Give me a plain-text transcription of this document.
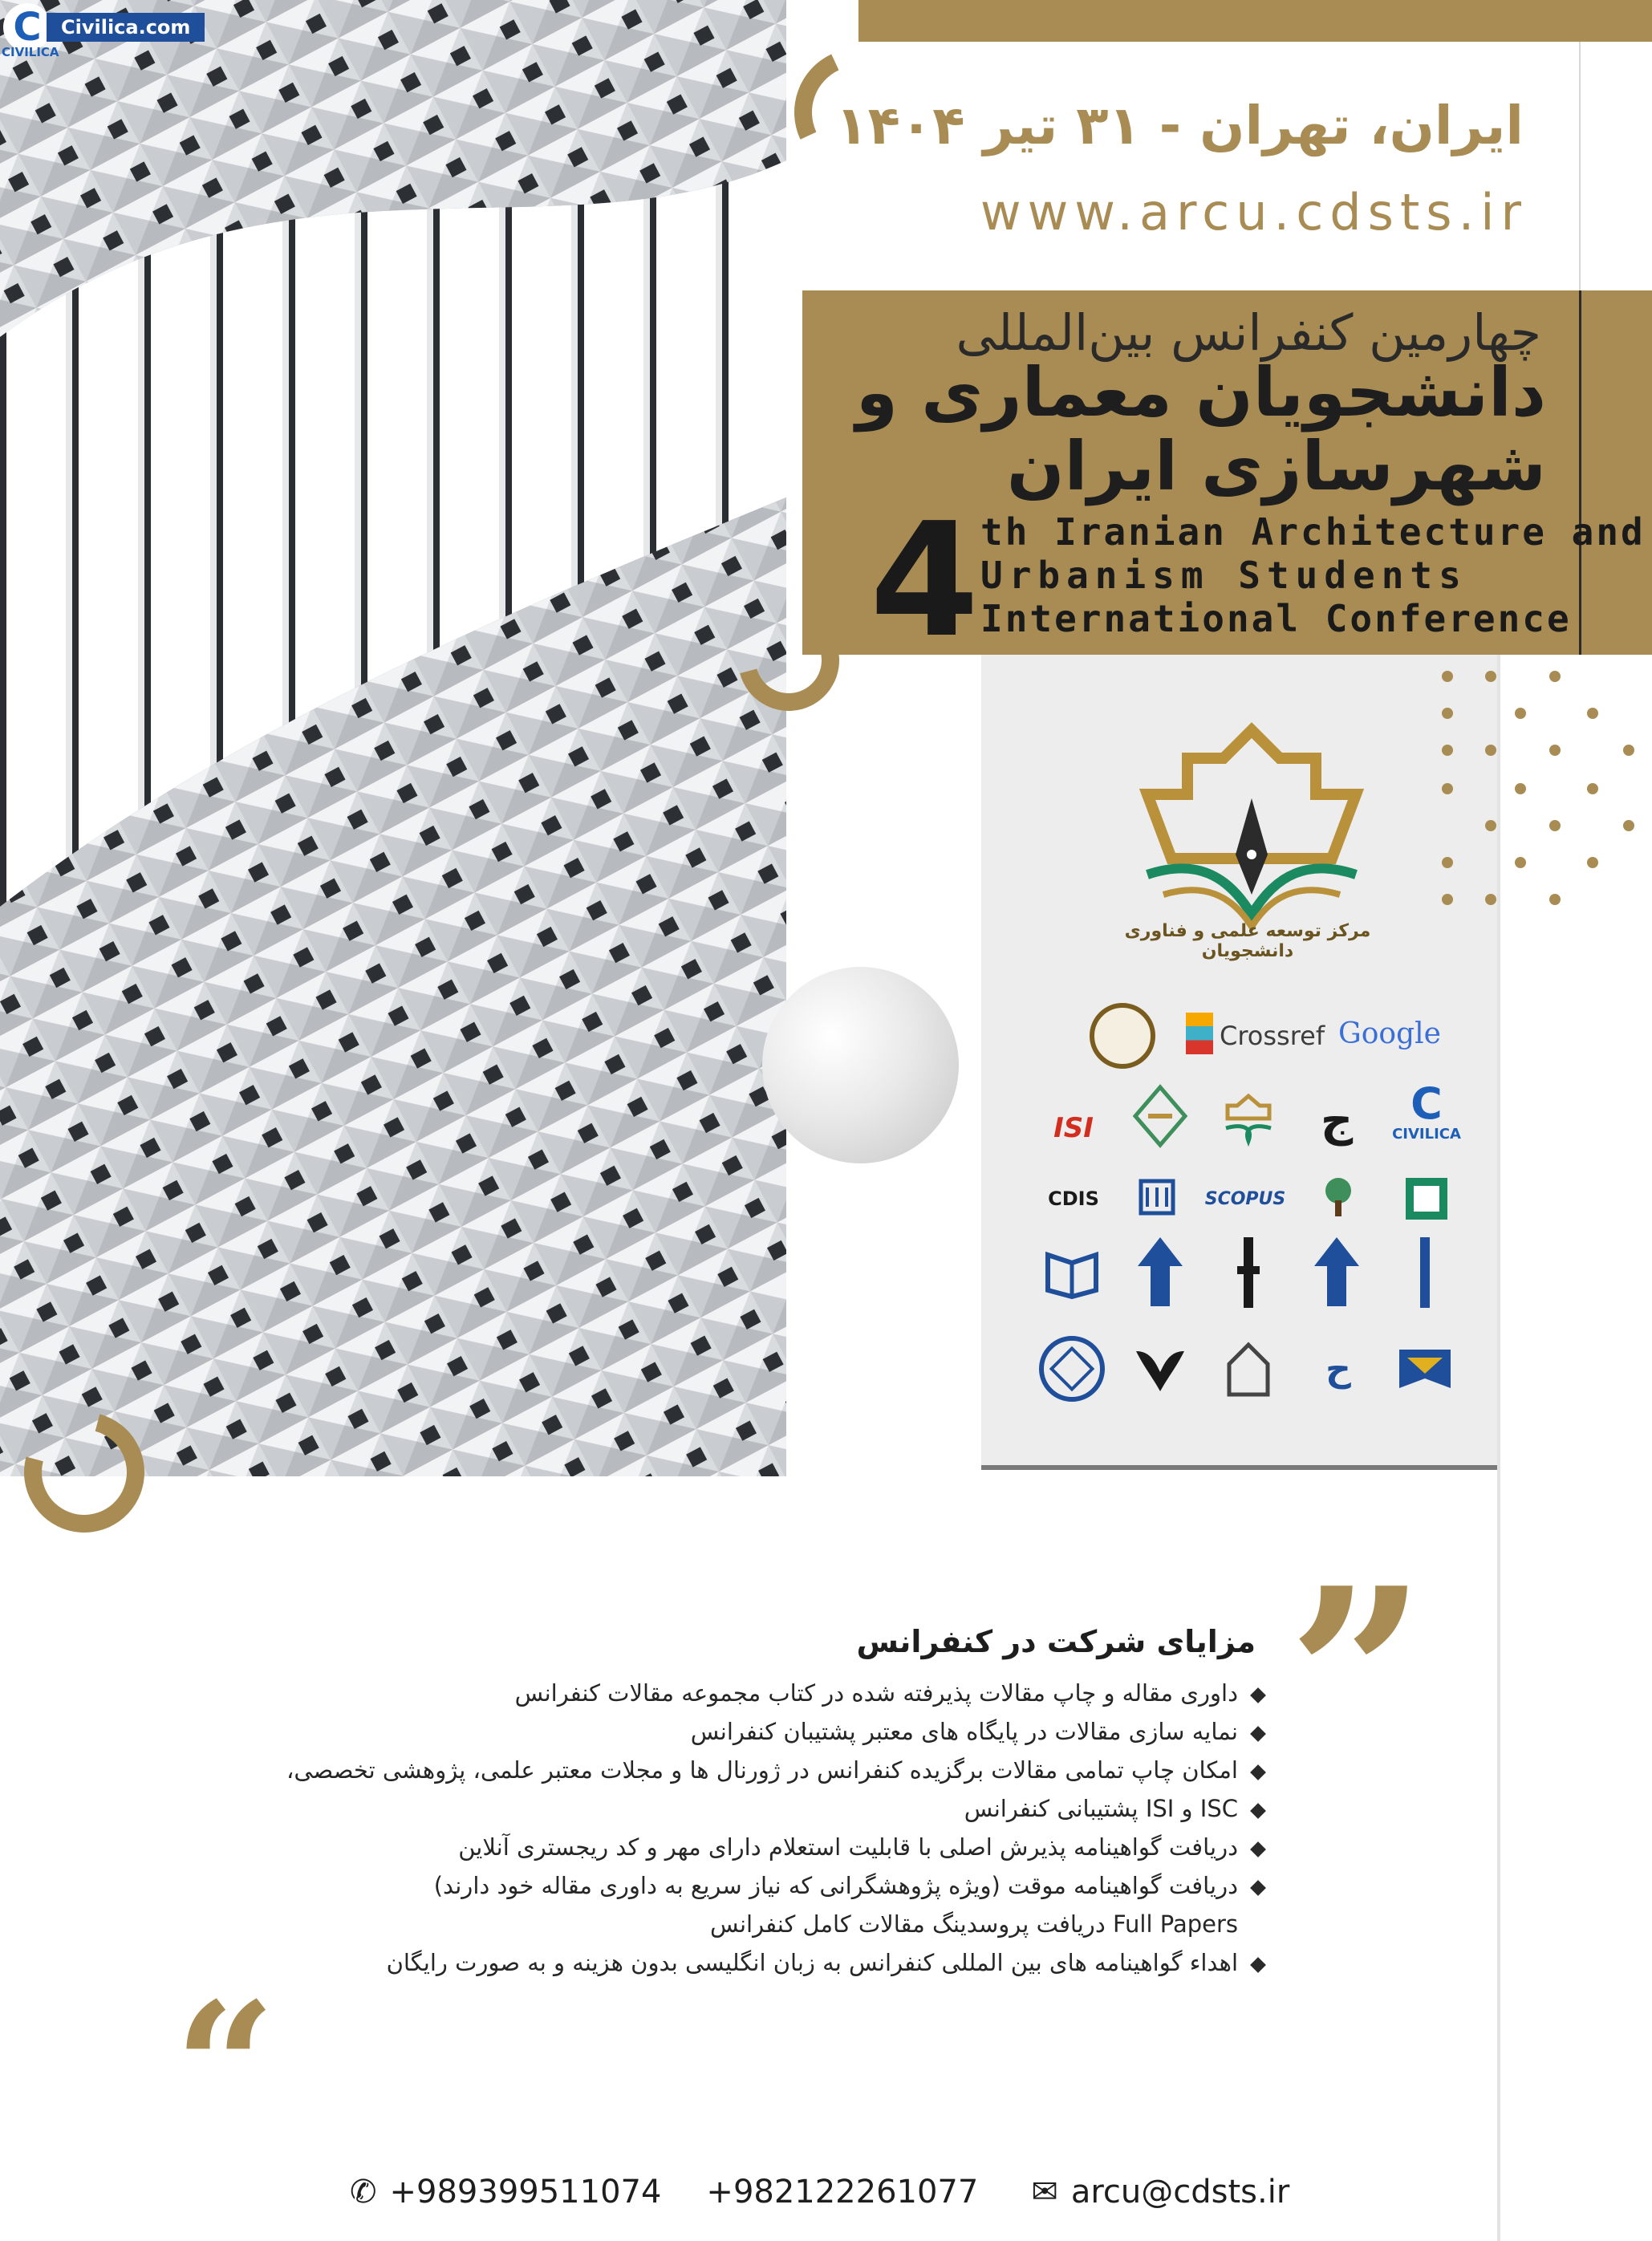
C	Civilica.com
CIVILICA
ایران، تهران - ۳۱ تیر ۱۴۰۴
www.arcu.cdsts.ir
چهارمین کنفرانس بین‌المللی
دانشجویان معماری و
شهرسازی ایران
4 th Iranian Architecture and
Urbanism Students
International Conference
مرکز توسعه علمی و فناوری دانشجویان
Crossref Google
ISI	ج	C
CIVILICA
CDIS	SCOPUS
ح
”
”
مزایای شرکت در کنفرانس
داوری مقاله و چاپ مقالات پذیرفته شده در کتاب مجموعه مقالات کنفرانس
نمایه سازی مقالات در پایگاه های معتبر پشتیبان کنفرانس
امکان چاپ تمامی مقالات برگزیده کنفرانس در ژورنال ها و مجلات معتبر علمی، پژوهشی تخصصی،
ISC و ISI پشتیبانی کنفرانس
دریافت گواهینامه پذیرش اصلی با قابلیت استعلام دارای مهر و کد ریجستری آنلاین
دریافت گواهینامه موقت (ویژه پژوهشگرانی که نیاز سریع به داوری مقاله خود دارند)
Full Papers دریافت پروسدینگ مقالات کامل کنفرانس
اهداء گواهینامه های بین المللی کنفرانس به زبان انگلیسی بدون هزینه و به صورت رایگان
✆ +989399511074 +982122261077 ✉ arcu@cdsts.ir
